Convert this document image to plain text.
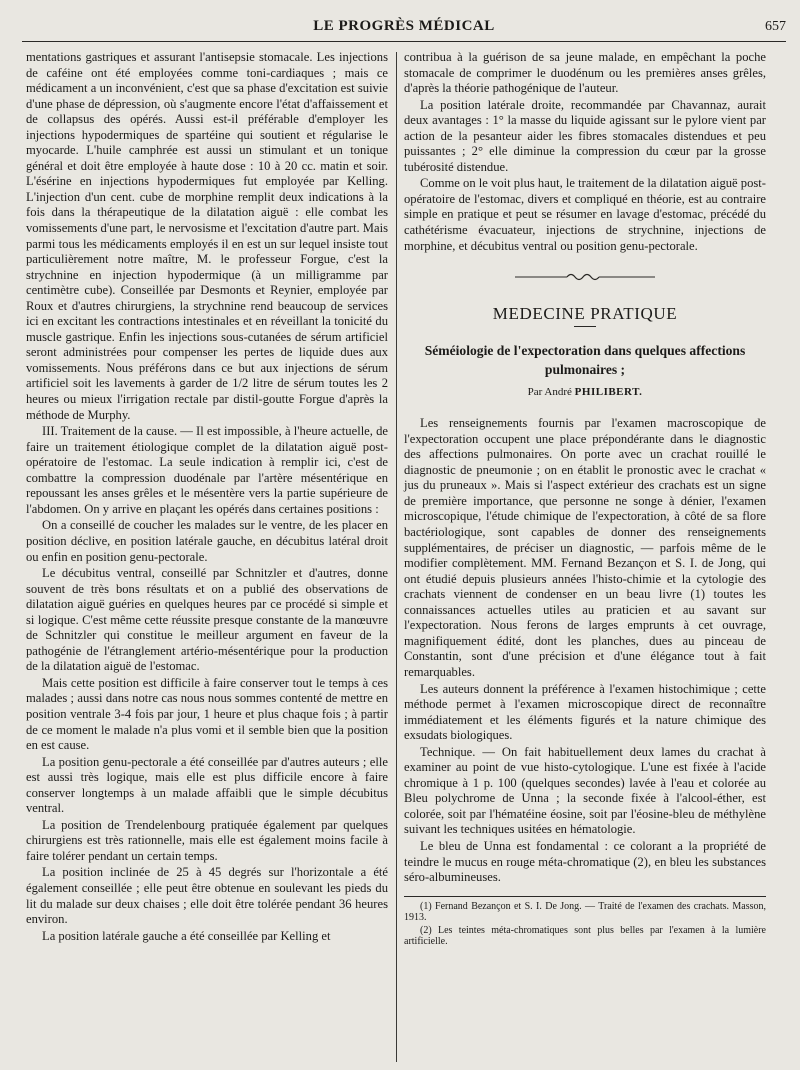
LE PROGRÈS MÉDICAL	657

mentations gastriques et assurant l'antisepsie stomacale. Les injections de caféine ont été employées comme toni-cardiaques ; mais ce médicament a un inconvénient, c'est que sa phase d'excitation est suivie d'une phase de dépression, où s'augmente encore l'état d'affaissement et de collapsus des opérés. Aussi est-il préférable d'employer les injections hypodermiques de spartéine qui soutient et régularise le myocarde. L'huile camphrée est aussi un stimulant et un tonique général et doit être employée à haute dose : 10 à 20 cc. matin et soir. L'ésérine en injections hypodermiques fut employée par Kelling. L'injection d'un cent. cube de morphine remplit deux indications à la fois dans la thérapeutique de la dilatation aiguë : elle combat les vomissements d'une part, le nervosisme et l'excitation d'autre part. Mais parmi tous les médicaments employés il en est un sur lequel insiste tout particulièrement notre maître, M. le professeur Forgue, c'est la strychnine en injection hypodermique (à un milligramme par centimètre cube). Conseillée par Desmonts et Reynier, employée par Roux et d'autres chirurgiens, la strychnine rend beaucoup de services ici en excitant les contractions intestinales et en réveillant la tonicité du muscle gastrique. Enfin les injections sous-cutanées de sérum artificiel seront administrées pour compenser les pertes de liquide dues aux vomissements. Nous préférons dans ce but aux injections de sérum artificiel soit les lavements à garder de 1/2 litre de sérum toutes les 2 heures ou mieux l'irrigation rectale par distil-goutte Forgue d'après la méthode de Murphy.

III. Traitement de la cause. — Il est impossible, à l'heure actuelle, de faire un traitement étiologique complet de la dilatation aiguë post-opératoire de l'estomac. La seule indication à remplir ici, c'est de combattre la compression duodénale par l'artère mésentérique en repoussant les anses grêles et le mésentère vers la partie supérieure de l'abdomen. On y arrive en plaçant les opérés dans certaines positions :

On a conseillé de coucher les malades sur le ventre, de les placer en position déclive, en position latérale gauche, en décubitus latéral droit ou enfin en position genu-pectorale.

Le décubitus ventral, conseillé par Schnitzler et d'autres, donne souvent de très bons résultats et on a publié des observations de dilatation aiguë guéries en quelques heures par ce procédé si simple et si logique. C'est même cette réussite presque constante de la manœuvre de Schnitzler qui constitue le meilleur argument en faveur de la pathogénie de l'étranglement artério-mésentérique pour la production de la dilatation aiguë de l'estomac.

Mais cette position est difficile à faire conserver tout le temps à ces malades ; aussi dans notre cas nous nous sommes contenté de mettre en position ventrale 3-4 fois par jour, 1 heure et plus chaque fois ; à partir de ce moment le malade n'a plus vomi et il semble bien que la position en est cause.

La position genu-pectorale a été conseillée par d'autres auteurs ; elle est aussi très logique, mais elle est plus difficile encore à faire conserver longtemps à un malade affaibli que le simple décubitus ventral.

La position de Trendelenbourg pratiquée également par quelques chirurgiens est très rationnelle, mais elle est également moins facile à faire tolérer pendant un certain temps.

La position inclinée de 25 à 45 degrés sur l'horizontale a été également conseillée ; elle peut être obtenue en soulevant les pieds du lit du malade sur deux chaises ; elle doit être tolérée pendant 36 heures environ.

La position latérale gauche a été conseillée par Kelling et

contribua à la guérison de sa jeune malade, en empêchant la poche stomacale de comprimer le duodénum ou les premières anses grêles, d'après la théorie pathogénique de l'auteur.

La position latérale droite, recommandée par Chavannaz, aurait deux avantages : 1° la masse du liquide agissant sur le pylore vient par action de la pesanteur aider les fibres stomacales distendues et peu puissantes ; 2° elle diminue la compression du cœur par la grosse tubérosité distendue.

Comme on le voit plus haut, le traitement de la dilatation aiguë post-opératoire de l'estomac, divers et compliqué en théorie, est au contraire simple en pratique et peut se résumer en lavage d'estomac, précédé du cathétérisme évacuateur, injections de strychnine, injections de morphine, et décubitus ventral ou position genu-pectorale.

MEDECINE PRATIQUE
Séméiologie de l'expectoration dans quelques affections pulmonaires ;
Par André PHILIBERT.

Les renseignements fournis par l'examen macroscopique de l'expectoration occupent une place prépondérante dans le diagnostic des affections pulmonaires. On porte avec un crachat rouillé le diagnostic de pneumonie ; on en établit le pronostic avec le crachat « jus du pruneaux ». Mais si l'aspect extérieur des crachats est un signe de première importance, que personne ne songe à dénier, l'examen microscopique, l'étude chimique de l'expectoration, à côté de sa flore bactériologique, sont capables de donner des renseignements supplémentaires, de préciser un diagnostic, — parfois même de le modifier complètement. MM. Fernand Bezançon et S. I. de Jong, qui ont étudié depuis plusieurs années l'histo-chimie et la cytologie des crachats viennent de condenser en un beau livre (1) toutes les connaissances actuelles utiles au praticien et au savant sur l'expectoration. Nous ferons de larges emprunts à cet ouvrage, magnifiquement édité, dont les planches, dues au pinceau de Constantin, sont d'une précision et d'une élégance tout à fait remarquables.

Les auteurs donnent la préférence à l'examen histochimique ; cette méthode permet à l'examen microscopique direct de reconnaître immédiatement et les éléments figurés et la nature chimique des exsudats biologiques.

Technique. — On fait habituellement deux lames du crachat à examiner au point de vue histo-cytologique. L'une est fixée à l'acide chromique à 1 p. 100 (quelques secondes) lavée à l'eau et colorée au Bleu polychrome de Unna ; la seconde fixée à l'alcool-éther, est colorée, soit par l'hématéine éosine, soit par l'éosine-bleu de méthylène suivant les techniques usitées en hématologie.

Le bleu de Unna est fondamental : ce colorant a la propriété de teindre le mucus en rouge méta-chromatique (2), en bleu les substances séro-albumineuses.

(1) Fernand Bezançon et S. I. De Jong. — Traité de l'examen des crachats. Masson, 1913.

(2) Les teintes méta-chromatiques sont plus belles par l'examen à la lumière artificielle.
